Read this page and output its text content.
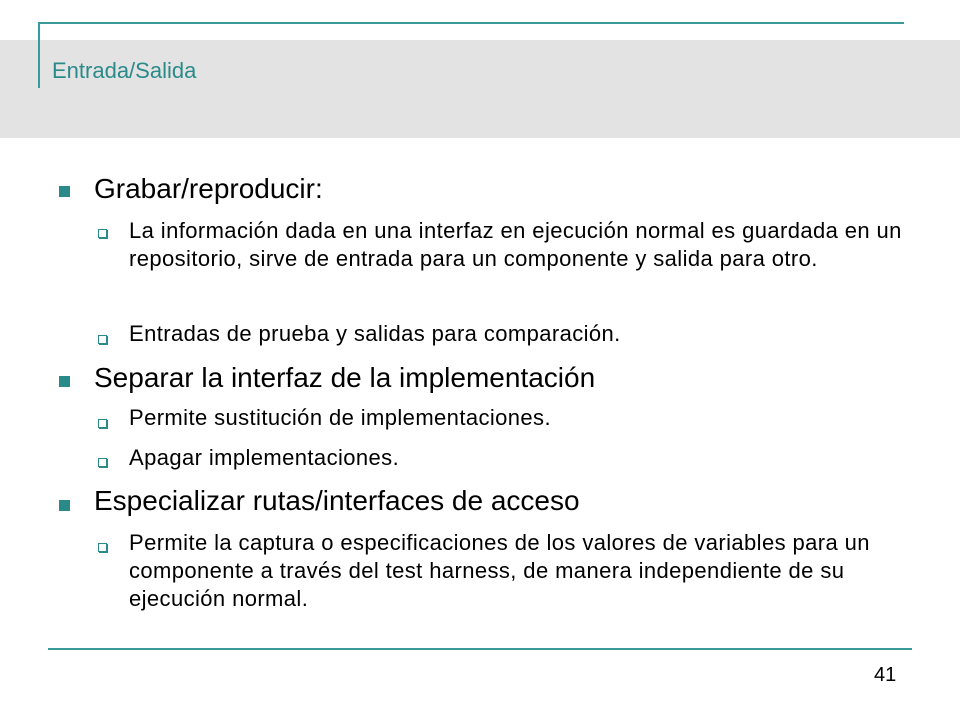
Entrada/Salida
Grabar/reproducir:
La información dada en una interfaz en ejecución normal es guardada en un repositorio, sirve de entrada para un componente y salida para otro.
Entradas de prueba y salidas para comparación.
Separar la interfaz de la implementación
Permite sustitución de implementaciones.
Apagar implementaciones.
Especializar rutas/interfaces de acceso
Permite la captura o especificaciones de los valores de variables para un componente a través del test harness, de manera independiente de su ejecución normal.
41
